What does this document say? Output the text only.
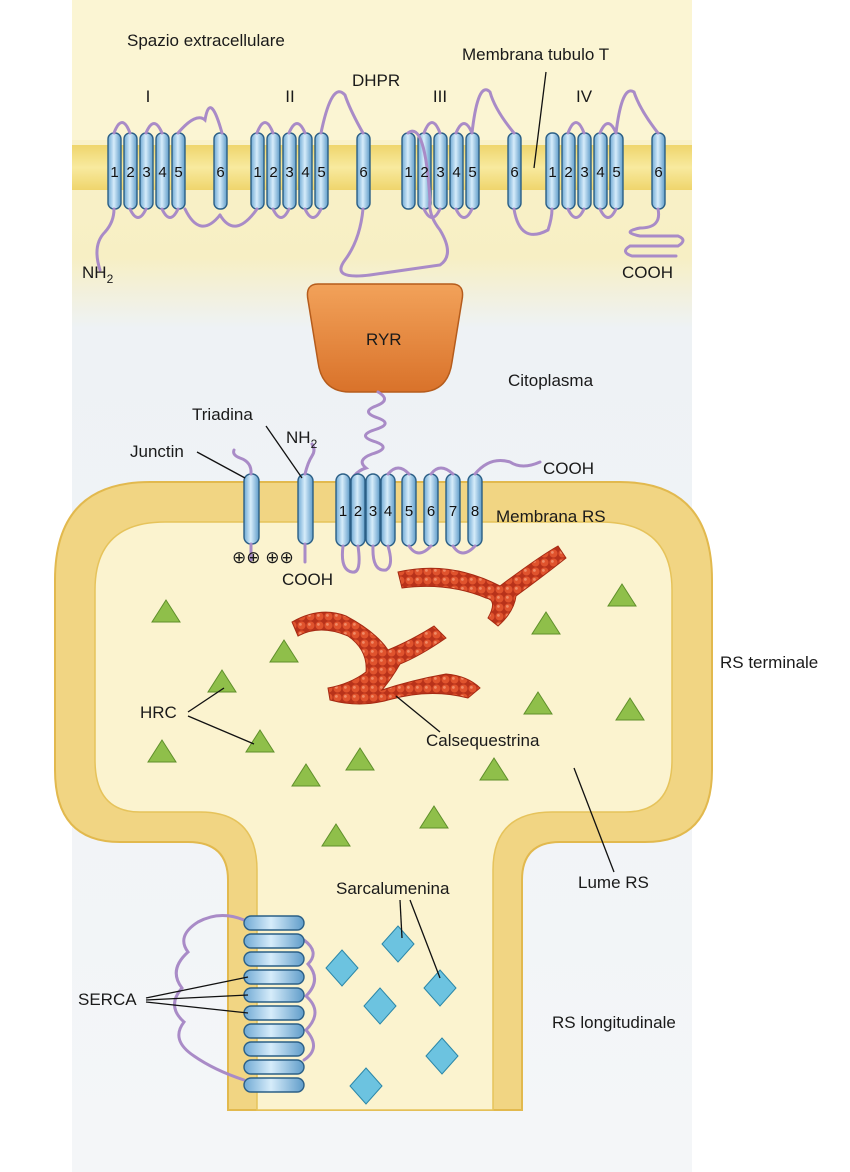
1 2 3 4 5 6 1 2 3 4 5 6 1 2 3 4 5 6 1 2 3 4 5 6
I	II	III	IV
Spazio extracellulare
Membrana tubulo T
DHPR
$NH_2$	COOH
RYR
Citoplasma
Triadina
$NH_2$
Junctin
⊕⊕ ⊕⊕
COOH
1 2 3 4 5 6 7 8
COOH
Membrana RS
RS terminale
HRC
Calsequestrina
Lume RS
Sarcalumenina
SERCA
RS longitudinale
